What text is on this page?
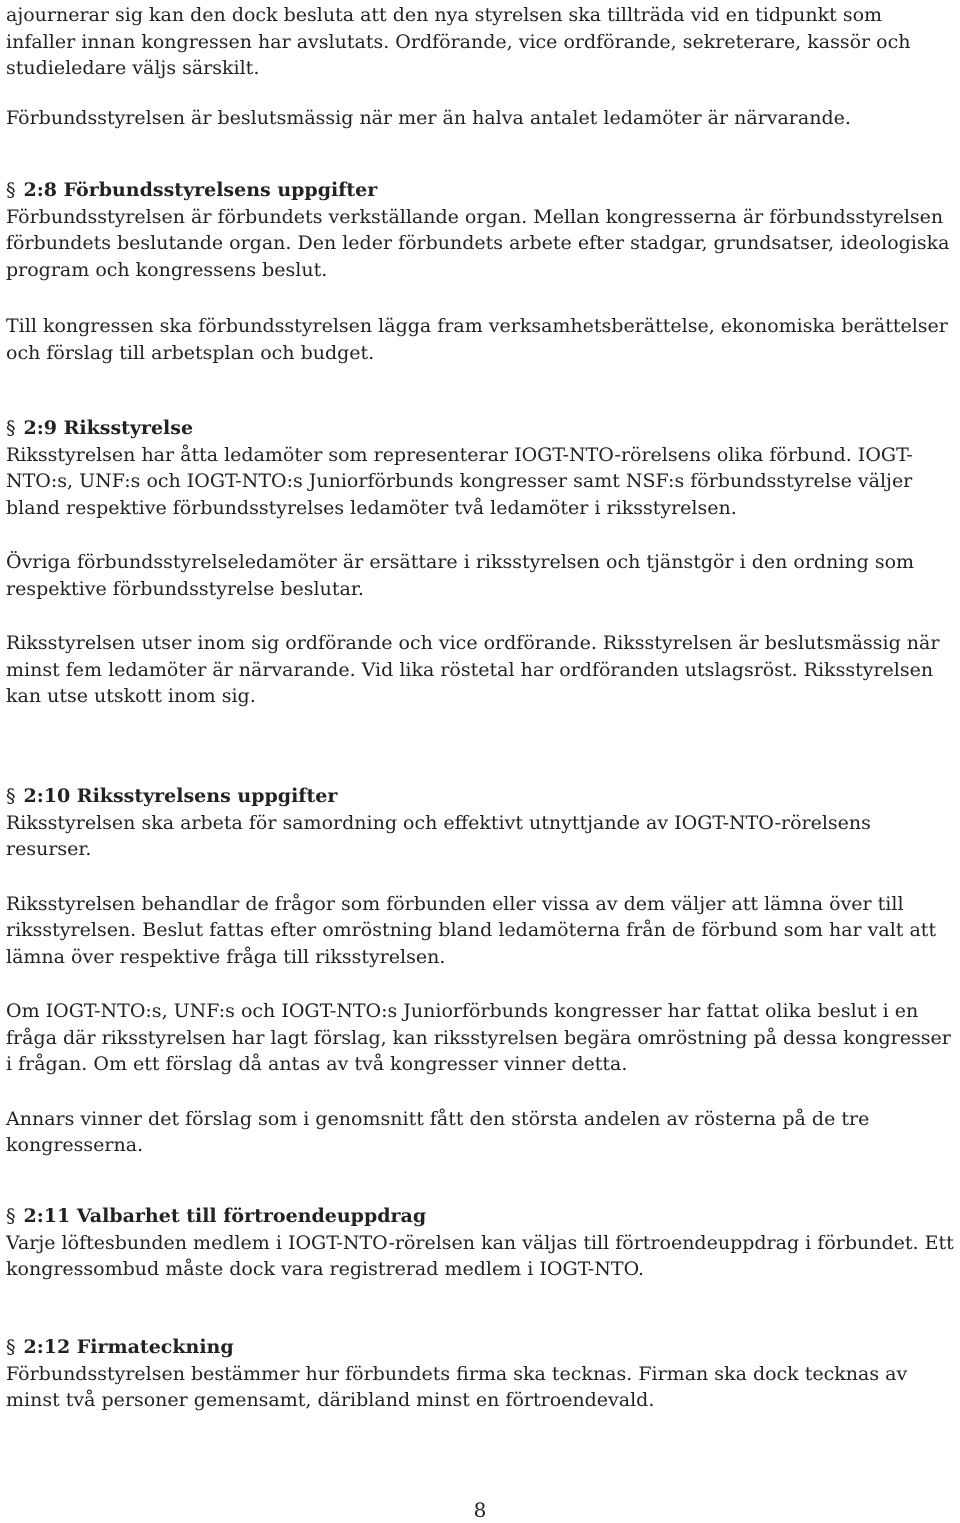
ajournerar sig kan den dock besluta att den nya styrelsen ska tillträda vid en tidpunkt som infaller innan kongressen har avslutats. Ordförande, vice ordförande, sekreterare, kassör och studieledare väljs särskilt.

Förbundsstyrelsen är beslutsmässig när mer än halva antalet ledamöter är närvarande.

§ 2:8 Förbundsstyrelsens uppgifter

Förbundsstyrelsen är förbundets verkställande organ. Mellan kongresserna är förbundsstyrelsen förbundets beslutande organ. Den leder förbundets arbete efter stadgar, grundsatser, ideologiska program och kongressens beslut.

Till kongressen ska förbundsstyrelsen lägga fram verksamhetsberättelse, ekonomiska berättelser och förslag till arbetsplan och budget.

§ 2:9 Riksstyrelse

Riksstyrelsen har åtta ledamöter som representerar IOGT-NTO-rörelsens olika förbund. IOGT-NTO:s, UNF:s och IOGT-NTO:s Juniorförbunds kongresser samt NSF:s förbundsstyrelse väljer bland respektive förbundsstyrelses ledamöter två ledamöter i riksstyrelsen.

Övriga förbundsstyrelseledamöter är ersättare i riksstyrelsen och tjänstgör i den ordning som respektive förbundsstyrelse beslutar.

Riksstyrelsen utser inom sig ordförande och vice ordförande. Riksstyrelsen är beslutsmässig när minst fem ledamöter är närvarande. Vid lika röstetal har ordföranden utslagsröst. Riksstyrelsen kan utse utskott inom sig.

§ 2:10 Riksstyrelsens uppgifter

Riksstyrelsen ska arbeta för samordning och effektivt utnyttjande av IOGT-NTO-rörelsens resurser.

Riksstyrelsen behandlar de frågor som förbunden eller vissa av dem väljer att lämna över till riksstyrelsen. Beslut fattas efter omröstning bland ledamöterna från de förbund som har valt att lämna över respektive fråga till riksstyrelsen.

Om IOGT-NTO:s, UNF:s och IOGT-NTO:s Juniorförbunds kongresser har fattat olika beslut i en fråga där riksstyrelsen har lagt förslag, kan riksstyrelsen begära omröstning på dessa kongresser i frågan. Om ett förslag då antas av två kongresser vinner detta.

Annars vinner det förslag som i genomsnitt fått den största andelen av rösterna på de tre kongresserna.

§ 2:11 Valbarhet till förtroendeuppdrag

Varje löftesbunden medlem i IOGT-NTO-rörelsen kan väljas till förtroendeuppdrag i förbundet. Ett kongressombud måste dock vara registrerad medlem i IOGT-NTO.

§ 2:12 Firmateckning

Förbundsstyrelsen bestämmer hur förbundets firma ska tecknas. Firman ska dock tecknas av minst två personer gemensamt, däribland minst en förtroendevald.

8
